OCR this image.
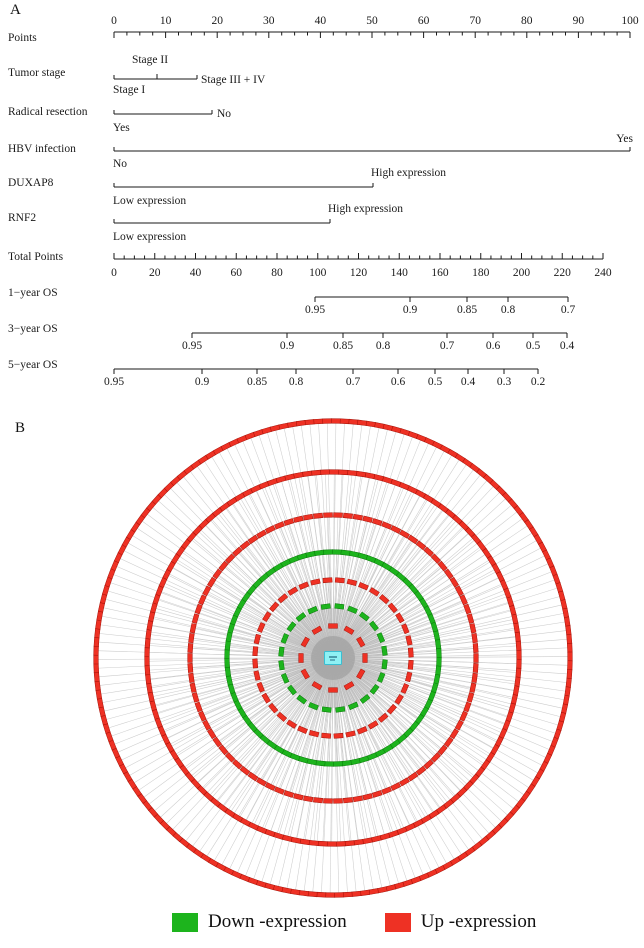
A
Points
0	10	20	30	40	50	60	70	80	90	100
Tumor stage
Stage II
Stage III + IV
Stage I
Radical resection	No
Yes
HBV infection
Yes
No
DUXAP8
High expression
Low expression
RNF2
High expression
Low expression
Total Points
0	20	40	60	80 100 120 140 160 180 200 220 240
1−year OS
0.95	0.9	0.85 0.8	0.7
3−year OS
0.95	0.9	0.85 0.8	0.7	0.6 0.5 0.4
5−year OS
0.95	0.9	0.85 0.8	0.7	0.6 0.5 0.4 0.3 0.2
B
Down -expression	Up -expression
